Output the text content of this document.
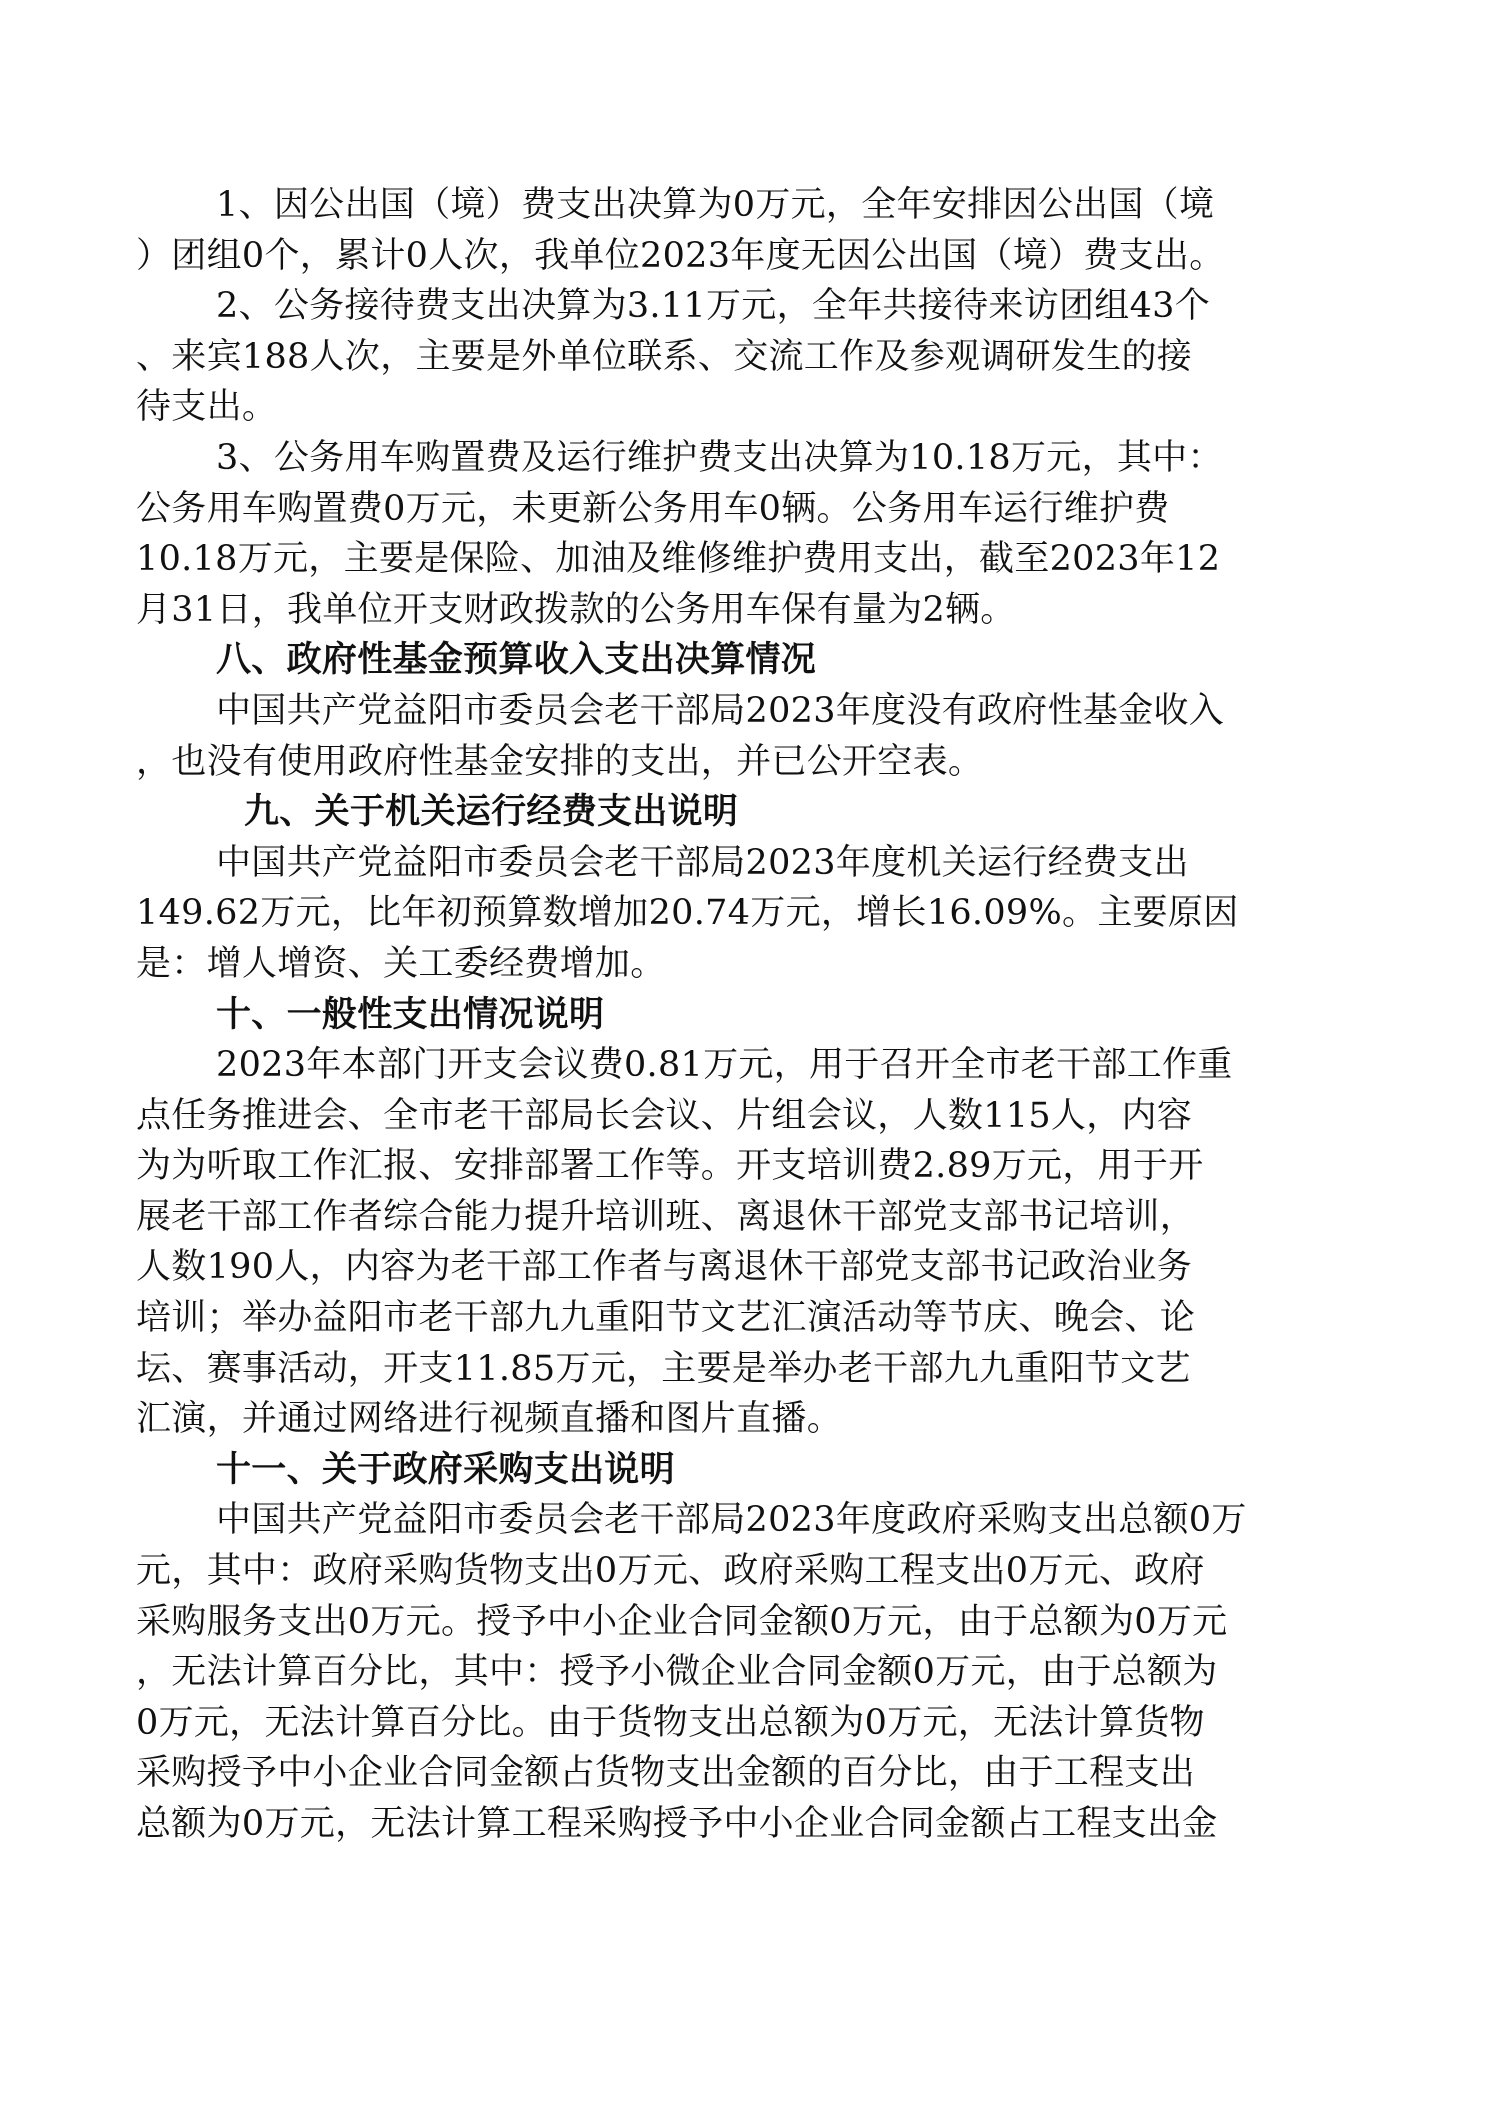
1、因公出国（境）费支出决算为0万元，全年安排因公出国（境
）团组0个，累计0人次，我单位2023年度无因公出国（境）费支出。
2、公务接待费支出决算为3.11万元，全年共接待来访团组43个
、来宾188人次，主要是外单位联系、交流工作及参观调研发生的接
待支出。
3、公务用车购置费及运行维护费支出决算为10.18万元，其中：
公务用车购置费0万元，未更新公务用车0辆。公务用车运行维护费
10.18万元，主要是保险、加油及维修维护费用支出，截至2023年12
月31日，我单位开支财政拨款的公务用车保有量为2辆。
八、政府性基金预算收入支出决算情况
中国共产党益阳市委员会老干部局2023年度没有政府性基金收入
，也没有使用政府性基金安排的支出，并已公开空表。
九、关于机关运行经费支出说明
中国共产党益阳市委员会老干部局2023年度机关运行经费支出
149.62万元，比年初预算数增加20.74万元，增长16.09%。主要原因
是：增人增资、关工委经费增加。
十、一般性支出情况说明
2023年本部门开支会议费0.81万元，用于召开全市老干部工作重
点任务推进会、全市老干部局长会议、片组会议，人数115人，内容
为为听取工作汇报、安排部署工作等。开支培训费2.89万元，用于开
展老干部工作者综合能力提升培训班、离退休干部党支部书记培训，
人数190人，内容为老干部工作者与离退休干部党支部书记政治业务
培训；举办益阳市老干部九九重阳节文艺汇演活动等节庆、晚会、论
坛、赛事活动，开支11.85万元，主要是举办老干部九九重阳节文艺
汇演，并通过网络进行视频直播和图片直播。
十一、关于政府采购支出说明
中国共产党益阳市委员会老干部局2023年度政府采购支出总额0万
元，其中：政府采购货物支出0万元、政府采购工程支出0万元、政府
采购服务支出0万元。授予中小企业合同金额0万元，由于总额为0万元
，无法计算百分比，其中：授予小微企业合同金额0万元，由于总额为
0万元，无法计算百分比。由于货物支出总额为0万元，无法计算货物
采购授予中小企业合同金额占货物支出金额的百分比，由于工程支出
总额为0万元，无法计算工程采购授予中小企业合同金额占工程支出金
